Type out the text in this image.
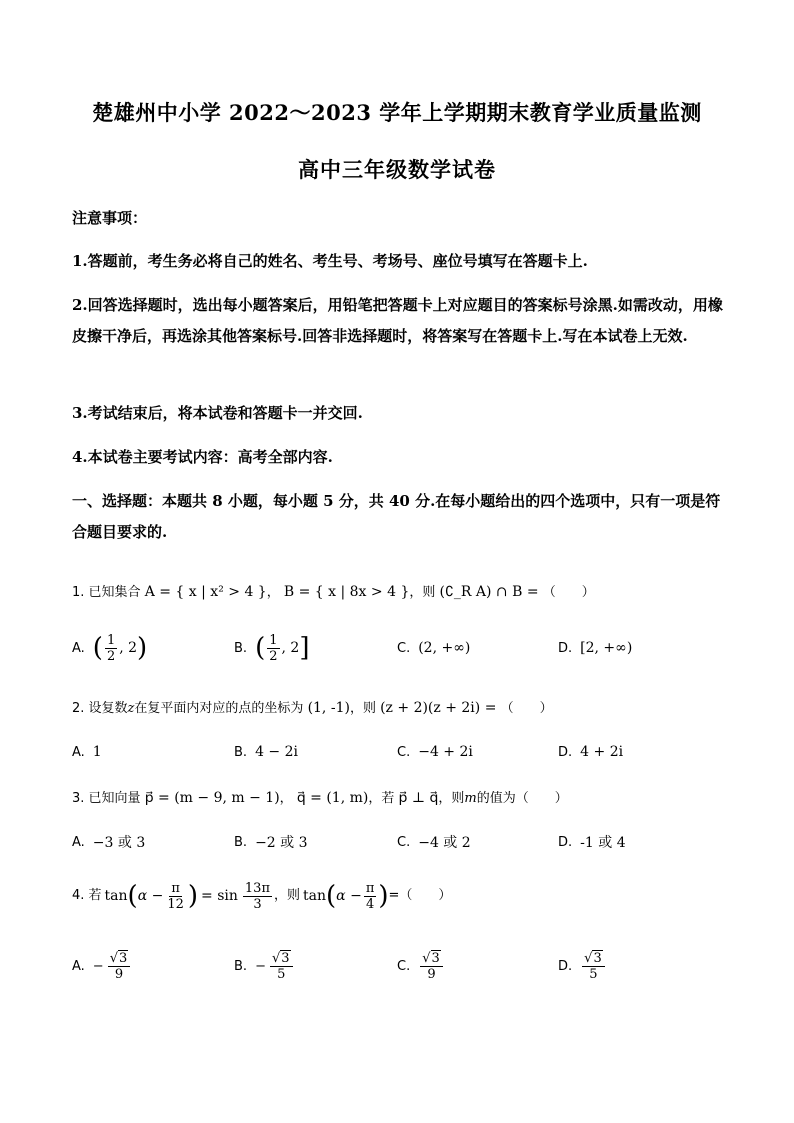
楚雄州中小学 2022～2023 学年上学期期末教育学业质量监测
高中三年级数学试卷
注意事项：
1.答题前，考生务必将自己的姓名、考生号、考场号、座位号填写在答题卡上.
2.回答选择题时，选出每小题答案后，用铅笔把答题卡上对应题目的答案标号涂黑.如需改动，用橡皮擦干净后，再选涂其他答案标号.回答非选择题时，将答案写在答题卡上.写在本试卷上无效.
3.考试结束后，将本试卷和答题卡一并交回.
4.本试卷主要考试内容：高考全部内容.
一、选择题：本题共 8 小题，每小题 5 分，共 40 分.在每小题给出的四个选项中，只有一项是符合题目要求的.
1. 已知集合 A = { x | x² > 4 }， B = { x | 8x > 4 }，则 (∁_R A) ∩ B = （　　）
A. ( $\frac{1}{2}$ , 2 )	B. ( $\frac{1}{2}$ , 2 ]	C. (2, +∞)	D. [2, +∞)
2. 设复数z在复平面内对应的点的坐标为 (1, -1)，则 (z + 2)(z + 2i) = （　　）
A. 1	B. 4 − 2i	C. −4 + 2i	D. 4 + 2i
3. 已知向量 p⃗ = (m − 9, m − 1)， q⃗ = (1, m)，若 p⃗ ⊥ q⃗，则m的值为（　　）
A. −3 或 3	B. −2 或 3	C. −4 或 2	D. -1 或 4
4. 若 tan ( $\alpha - \frac{\pi}{12}$ ) = $\sin \frac{13\pi}{3}$ ，则 tan ( $\alpha - \frac{\pi}{4}$ ) =（　　）
A. − $\frac{√ 3}{9}$	B. − $\frac{√ 3}{5}$	C. $\frac{√ 3}{9}$	D. $\frac{√ 3}{5}$
